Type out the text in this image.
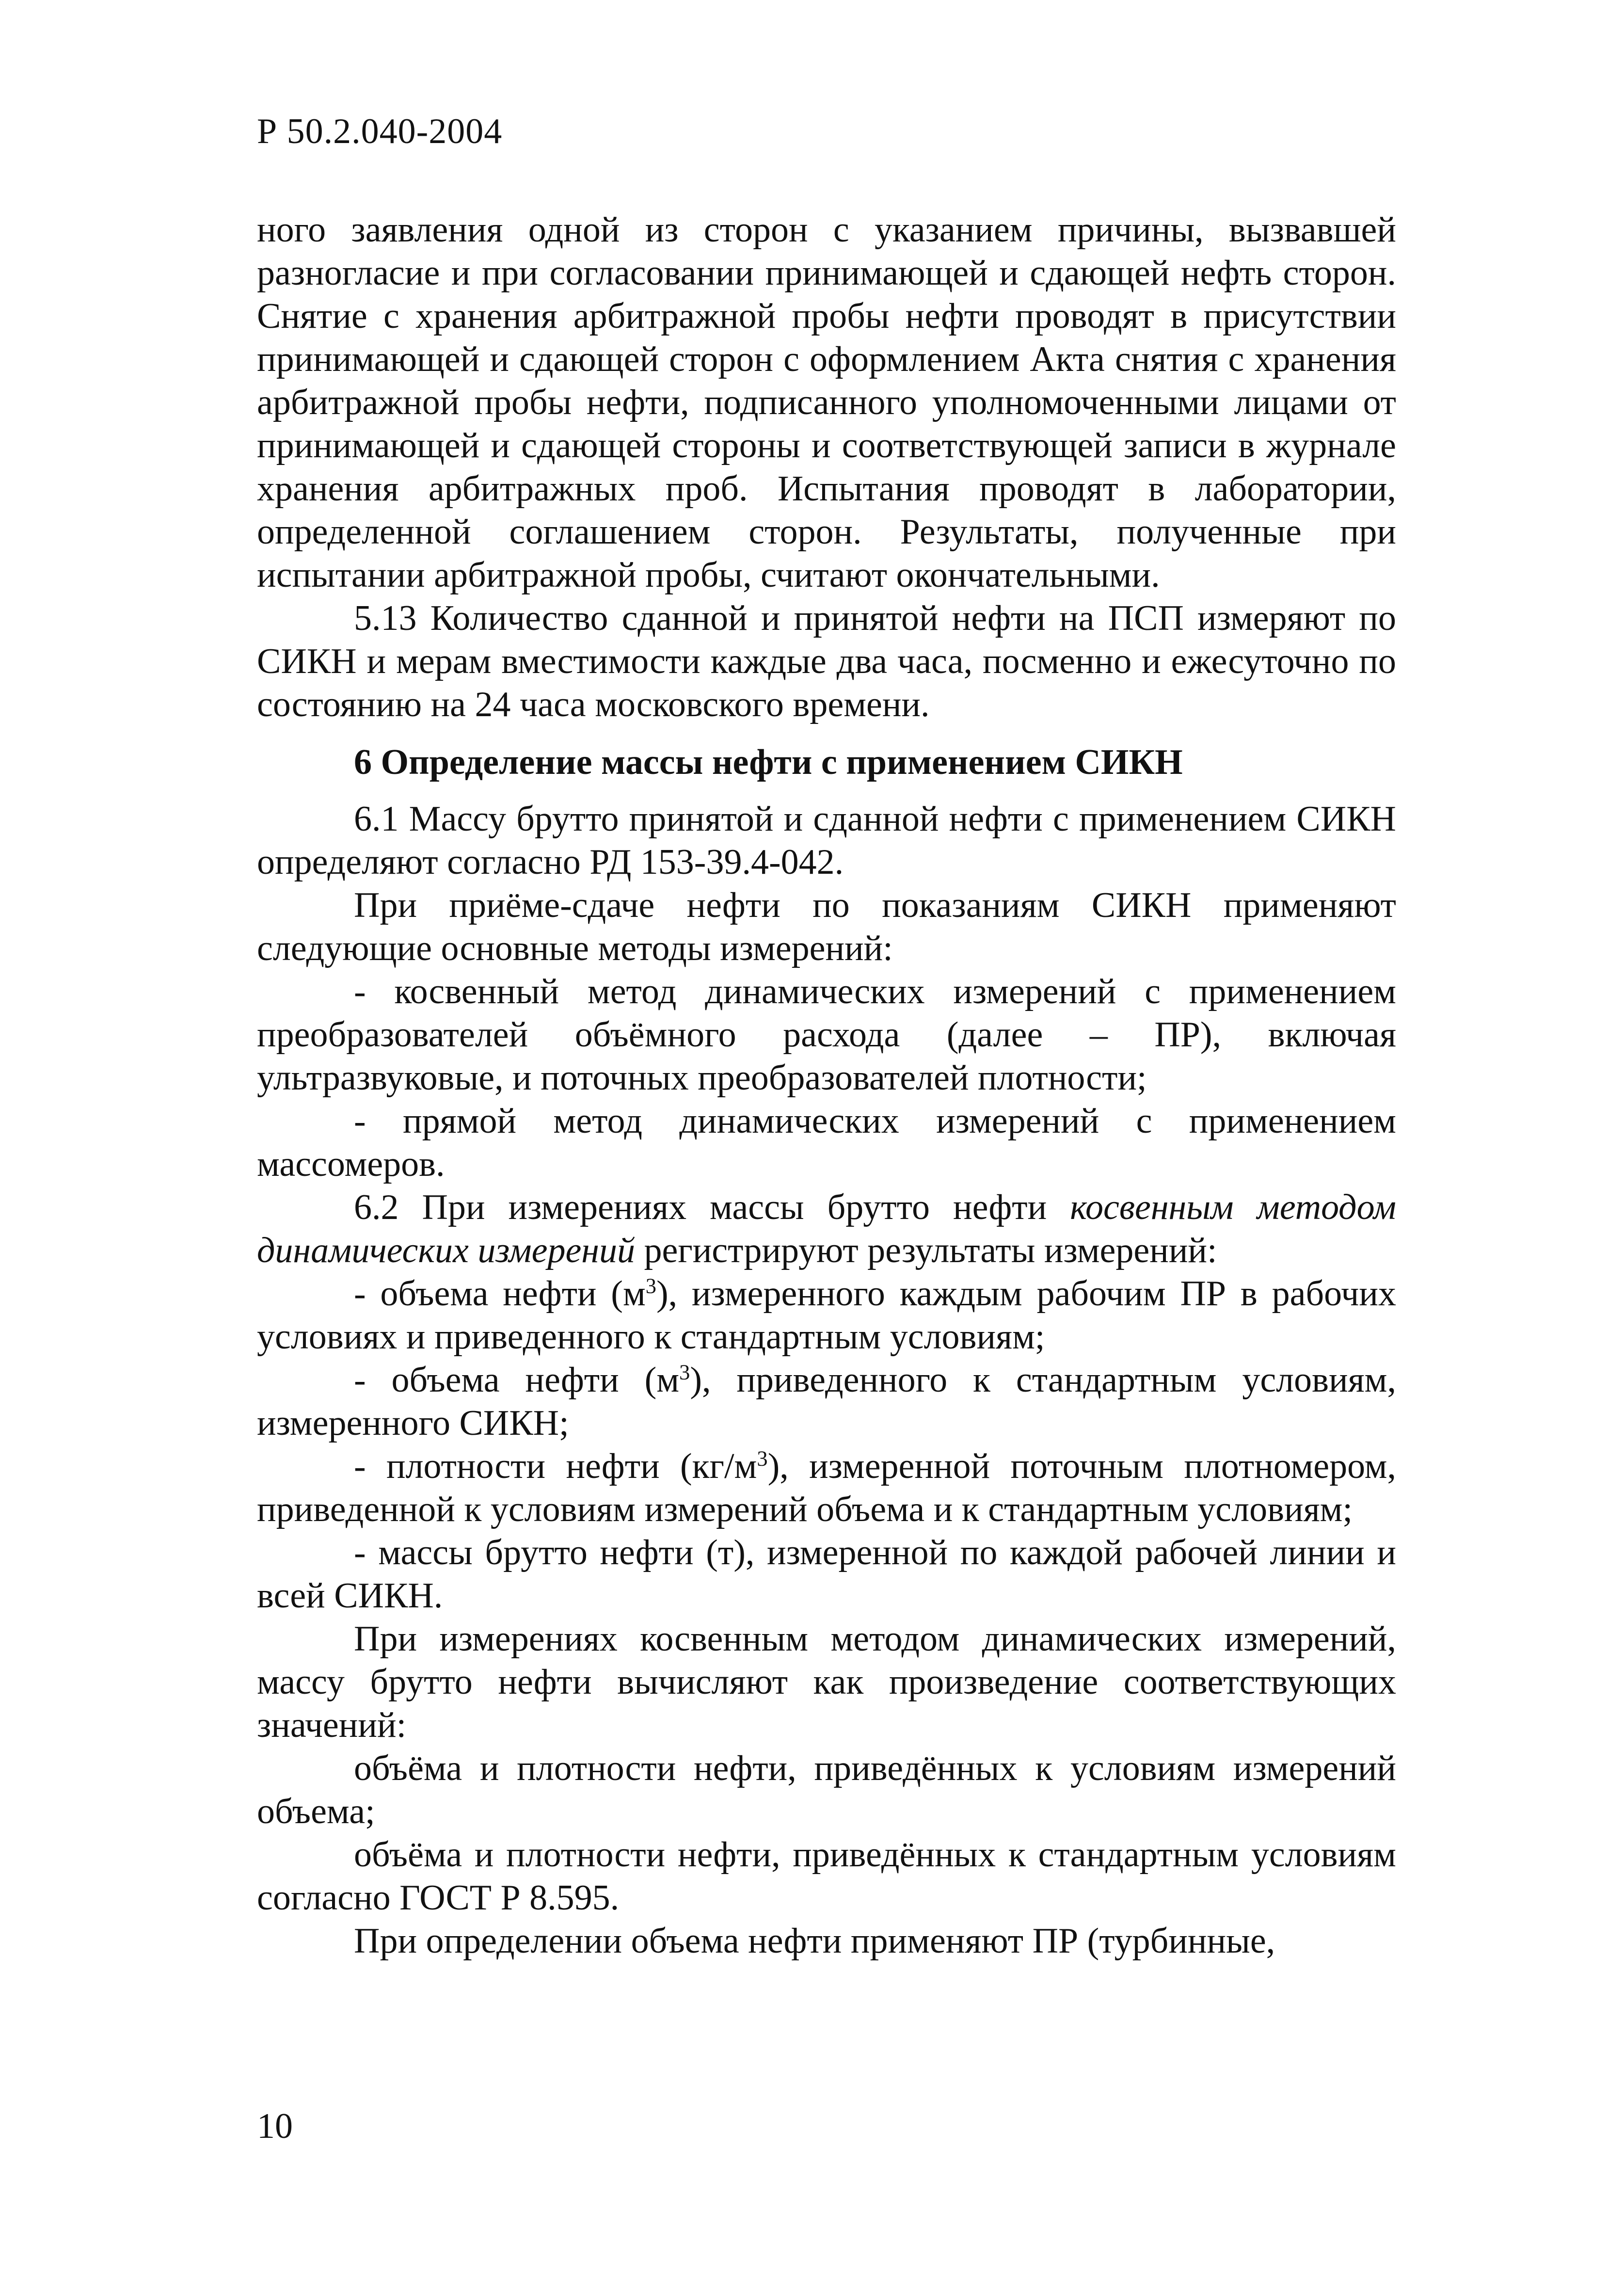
Р 50.2.040-2004

ного заявления одной из сторон с указанием причины, вызвавшей разногласие и при согласовании принимающей и сдающей нефть сторон. Снятие с хранения арбитражной пробы нефти проводят в присутствии принимающей и сдающей сторон с оформлением Акта снятия с хранения арбитражной пробы нефти, подписанного уполномоченными лицами от принимающей и сдающей стороны и соответствующей записи в журнале хранения арбитражных проб. Испытания проводят в лаборатории, определенной соглашением сторон. Результаты, полученные при испытании арбитражной пробы, считают окончательными.

5.13 Количество сданной и принятой нефти на ПСП измеряют по СИКН и мерам вместимости каждые два часа, посменно и ежесуточно по состоянию на 24 часа московского времени.

6 Определение массы нефти с применением СИКН

6.1 Массу брутто принятой и сданной нефти с применением СИКН определяют согласно РД 153-39.4-042.

При приёме-сдаче нефти по показаниям СИКН применяют следующие основные методы измерений:

- косвенный метод динамических измерений с применением преобразователей объёмного расхода (далее – ПР), включая ультразвуковые, и поточных преобразователей плотности;

- прямой метод динамических измерений с применением массомеров.

6.2 При измерениях массы брутто нефти косвенным методом динамических измерений регистрируют результаты измерений:

- объема нефти $(м^3)$, измеренного каждым рабочим ПР в рабочих условиях и приведенного к стандартным условиям;

- объема нефти $(м^3)$, приведенного к стандартным условиям, измеренного СИКН;

- плотности нефти $(кг/м^3)$, измеренной поточным плотномером, приведенной к условиям измерений объема и к стандартным условиям;

- массы брутто нефти (т), измеренной по каждой рабочей линии и всей СИКН.

При измерениях косвенным методом динамических измерений, массу брутто нефти вычисляют как произведение соответствующих значений:

объёма и плотности нефти, приведённых к условиям измерений объема;

объёма и плотности нефти, приведённых к стандартным условиям согласно ГОСТ Р 8.595.

При определении объема нефти применяют ПР (турбинные,

10
